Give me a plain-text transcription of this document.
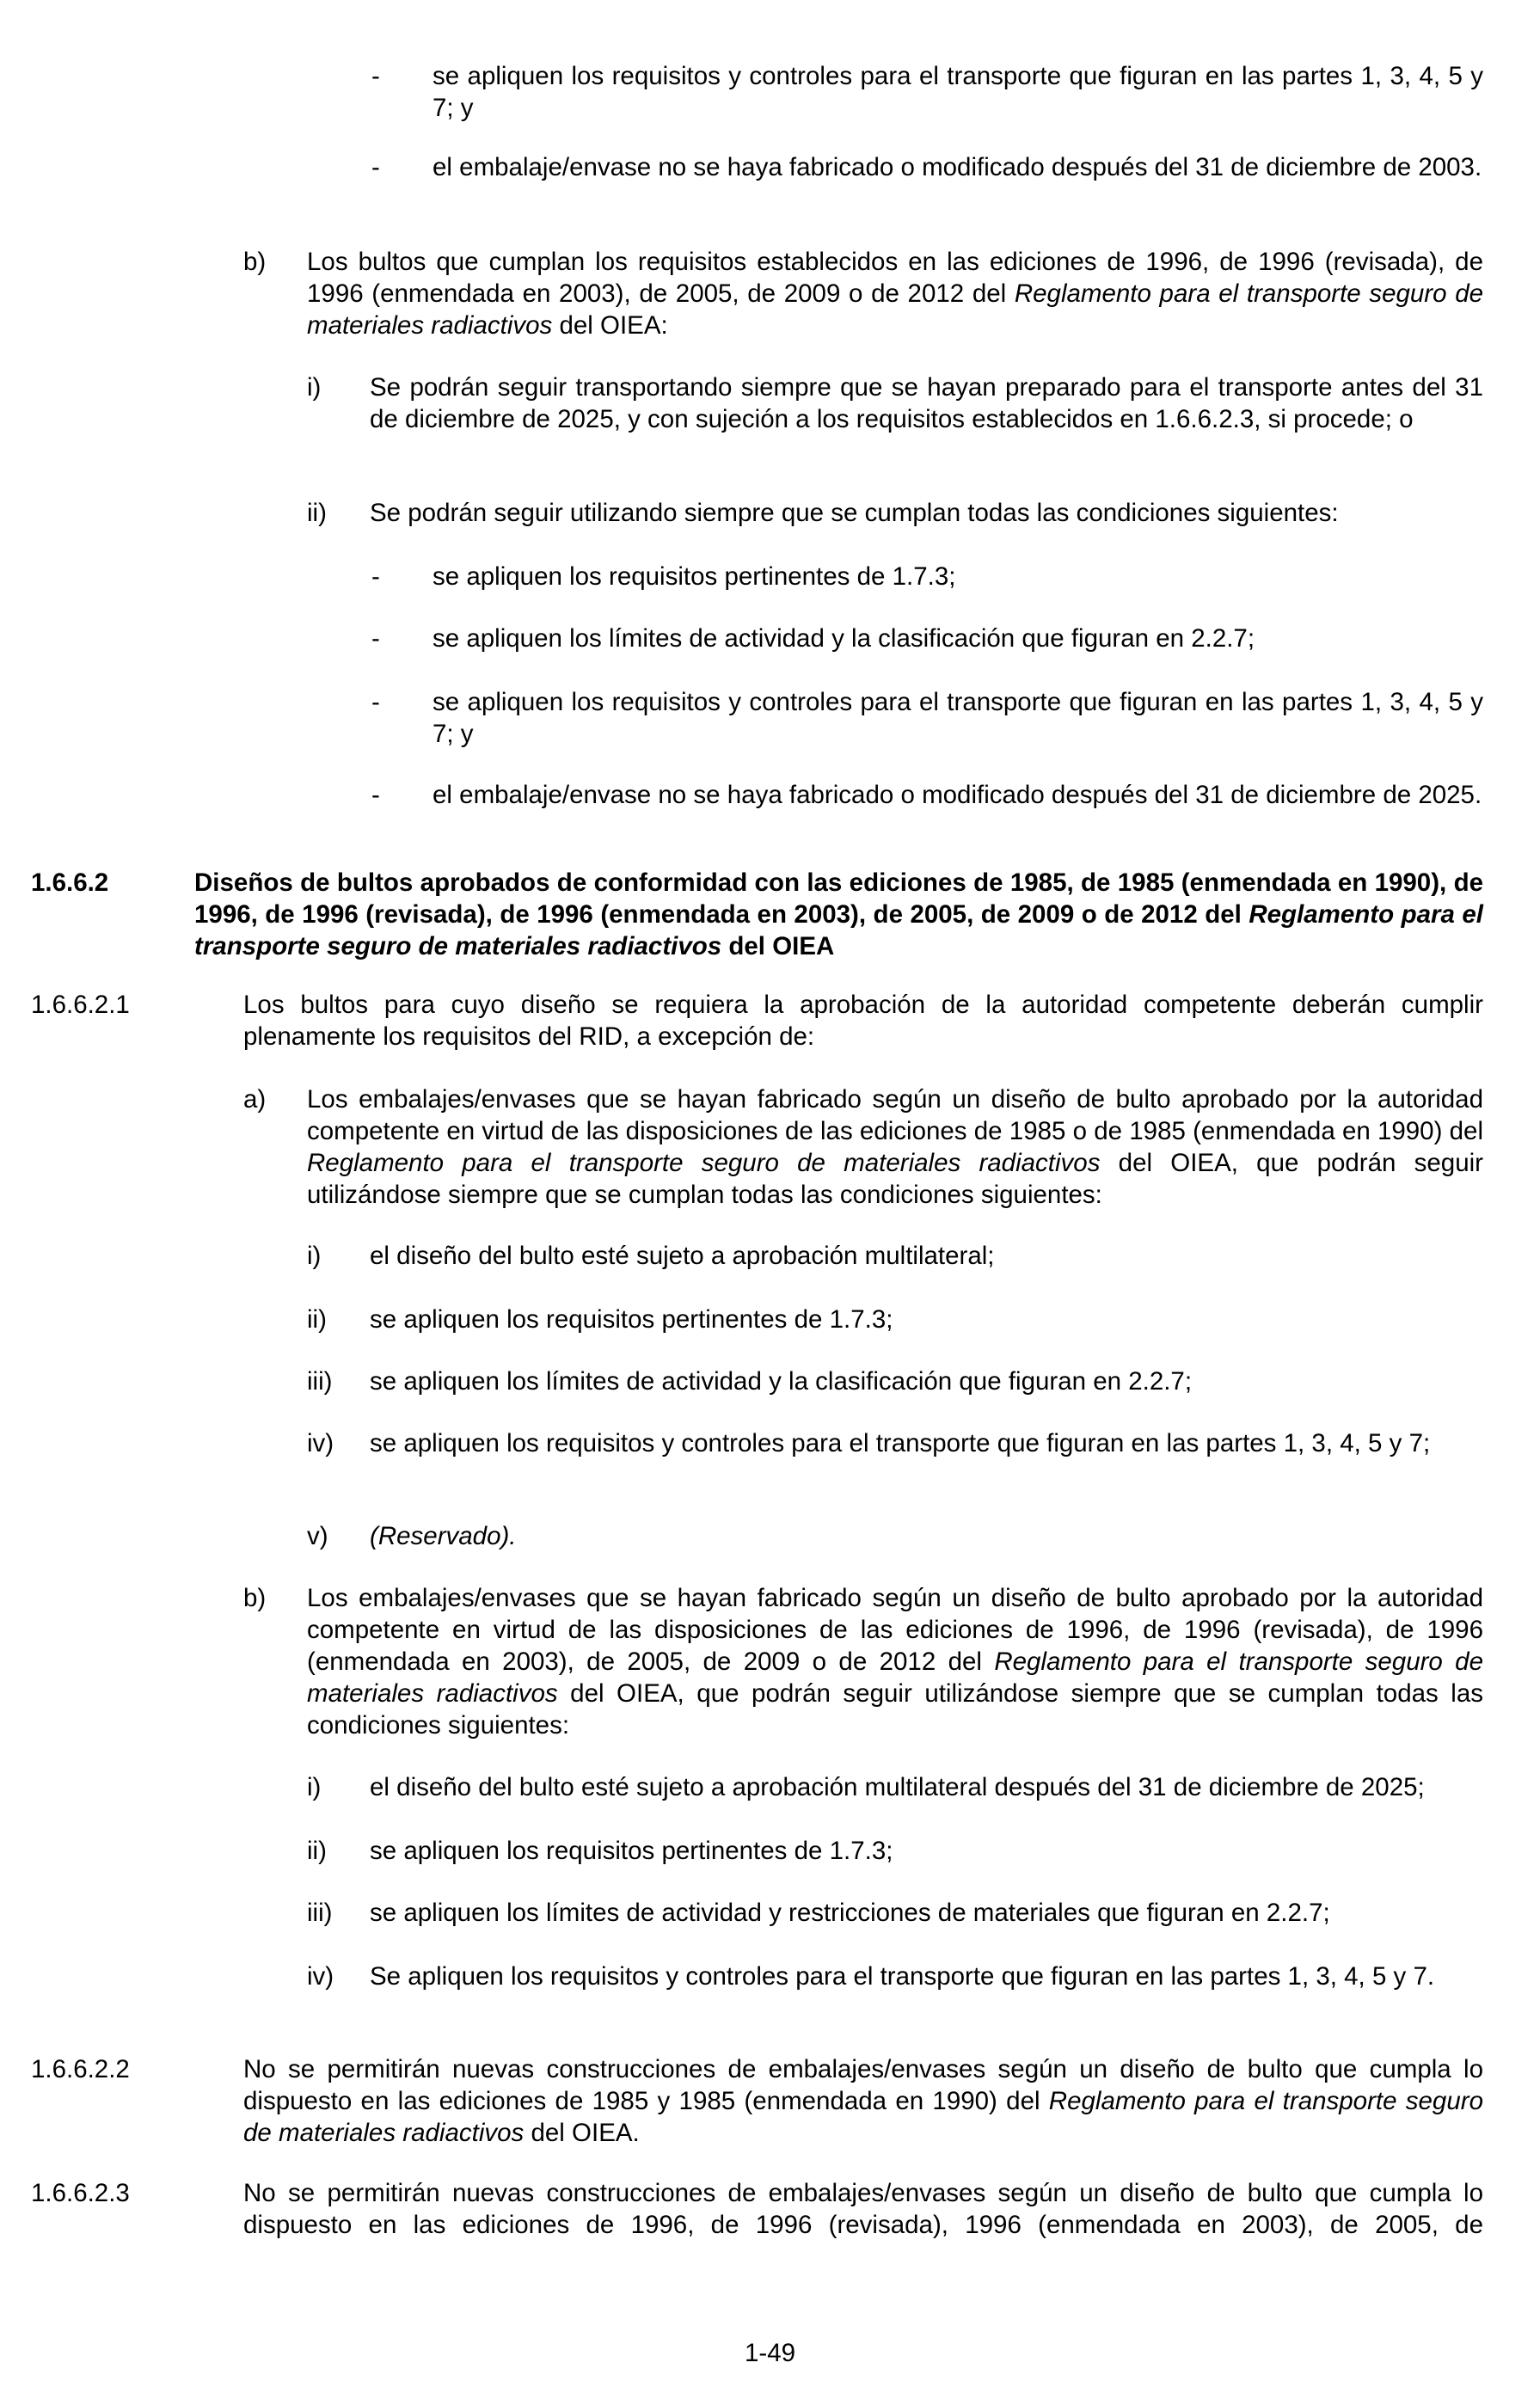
- se apliquen los requisitos y controles para el transporte que figuran en las partes 1, 3, 4, 5 y 7; y
- el embalaje/envase no se haya fabricado o modificado después del 31 de diciembre de 2003.
b) Los bultos que cumplan los requisitos establecidos en las ediciones de 1996, de 1996 (revisada), de 1996 (enmendada en 2003), de 2005, de 2009 o de 2012 del Reglamento para el transporte seguro de materiales radiactivos del OIEA:
i) Se podrán seguir transportando siempre que se hayan preparado para el transporte antes del 31 de diciembre de 2025, y con sujeción a los requisitos establecidos en 1.6.6.2.3, si procede; o
ii) Se podrán seguir utilizando siempre que se cumplan todas las condiciones siguientes:
- se apliquen los requisitos pertinentes de 1.7.3;
- se apliquen los límites de actividad y la clasificación que figuran en 2.2.7;
- se apliquen los requisitos y controles para el transporte que figuran en las partes 1, 3, 4, 5 y 7; y
- el embalaje/envase no se haya fabricado o modificado después del 31 de diciembre de 2025.
1.6.6.2	Diseños de bultos aprobados de conformidad con las ediciones de 1985, de 1985 (enmendada en 1990), de 1996, de 1996 (revisada), de 1996 (enmendada en 2003), de 2005, de 2009 o de 2012 del Reglamento para el transporte seguro de materiales radiactivos del OIEA
1.6.6.2.1	Los bultos para cuyo diseño se requiera la aprobación de la autoridad competente deberán cumplir plenamente los requisitos del RID, a excepción de:
a) Los embalajes/envases que se hayan fabricado según un diseño de bulto aprobado por la autoridad competente en virtud de las disposiciones de las ediciones de 1985 o de 1985 (enmendada en 1990) del Reglamento para el transporte seguro de materiales radiactivos del OIEA, que podrán seguir utilizándose siempre que se cumplan todas las condiciones siguientes:
i) el diseño del bulto esté sujeto a aprobación multilateral;
ii) se apliquen los requisitos pertinentes de 1.7.3;
iii) se apliquen los límites de actividad y la clasificación que figuran en 2.2.7;
iv) se apliquen los requisitos y controles para el transporte que figuran en las partes 1, 3, 4, 5 y 7;
v) (Reservado).
b) Los embalajes/envases que se hayan fabricado según un diseño de bulto aprobado por la autoridad competente en virtud de las disposiciones de las ediciones de 1996, de 1996 (revisada), de 1996 (enmendada en 2003), de 2005, de 2009 o de 2012 del Reglamento para el transporte seguro de materiales radiactivos del OIEA, que podrán seguir utilizándose siempre que se cumplan todas las condiciones siguientes:
i) el diseño del bulto esté sujeto a aprobación multilateral después del 31 de diciembre de 2025;
ii) se apliquen los requisitos pertinentes de 1.7.3;
iii) se apliquen los límites de actividad y restricciones de materiales que figuran en 2.2.7;
iv) Se apliquen los requisitos y controles para el transporte que figuran en las partes 1, 3, 4, 5 y 7.
1.6.6.2.2	No se permitirán nuevas construcciones de embalajes/envases según un diseño de bulto que cumpla lo dispuesto en las ediciones de 1985 y 1985 (enmendada en 1990) del Reglamento para el transporte seguro de materiales radiactivos del OIEA.
1.6.6.2.3	No se permitirán nuevas construcciones de embalajes/envases según un diseño de bulto que cumpla lo dispuesto en las ediciones de 1996, de 1996 (revisada), 1996 (enmendada en 2003), de 2005, de
1-49
